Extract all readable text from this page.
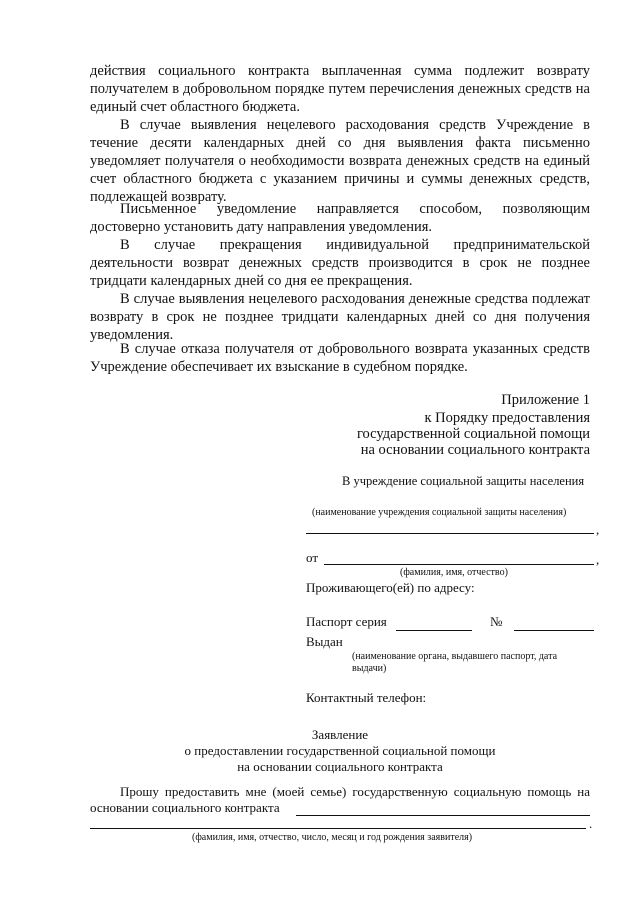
действия социального контракта выплаченная сумма подлежит возврату получателем в добровольном порядке путем перечисления денежных средств на единый счет областного бюджета.

В случае выявления нецелевого расходования средств Учреждение в течение десяти календарных дней со дня выявления факта письменно уведомляет получателя о необходимости возврата денежных средств на единый счет областного бюджета с указанием причины и суммы денежных средств, подлежащей возврату.

Письменное уведомление направляется способом, позволяющим достоверно установить дату направления уведомления.

В случае прекращения индивидуальной предпринимательской деятельности возврат денежных средств производится в срок не позднее тридцати календарных дней со дня ее прекращения.

В случае выявления нецелевого расходования денежные средства подлежат возврату в срок не позднее тридцати календарных дней со дня получения уведомления.

В случае отказа получателя от добровольного возврата указанных средств Учреждение обеспечивает их взыскание в судебном порядке.

Приложение 1

к Порядку предоставления

государственной социальной помощи

на основании социального контракта

В учреждение социальной защиты населения

(наименование учреждения социальной защиты населения)

,
от	,

(фамилия, имя, отчество)

Проживающего(ей) по адресу:

Паспорт серия	№

Выдан

(наименование органа, выдавшего паспорт, дата выдачи)

Контактный телефон:

Заявление

о предоставлении государственной социальной помощи

на основании социального контракта

Прошу предоставить мне (моей семье) государственную социальную помощь на основании социального контракта

.

(фамилия, имя, отчество, число, месяц и год рождения заявителя)
